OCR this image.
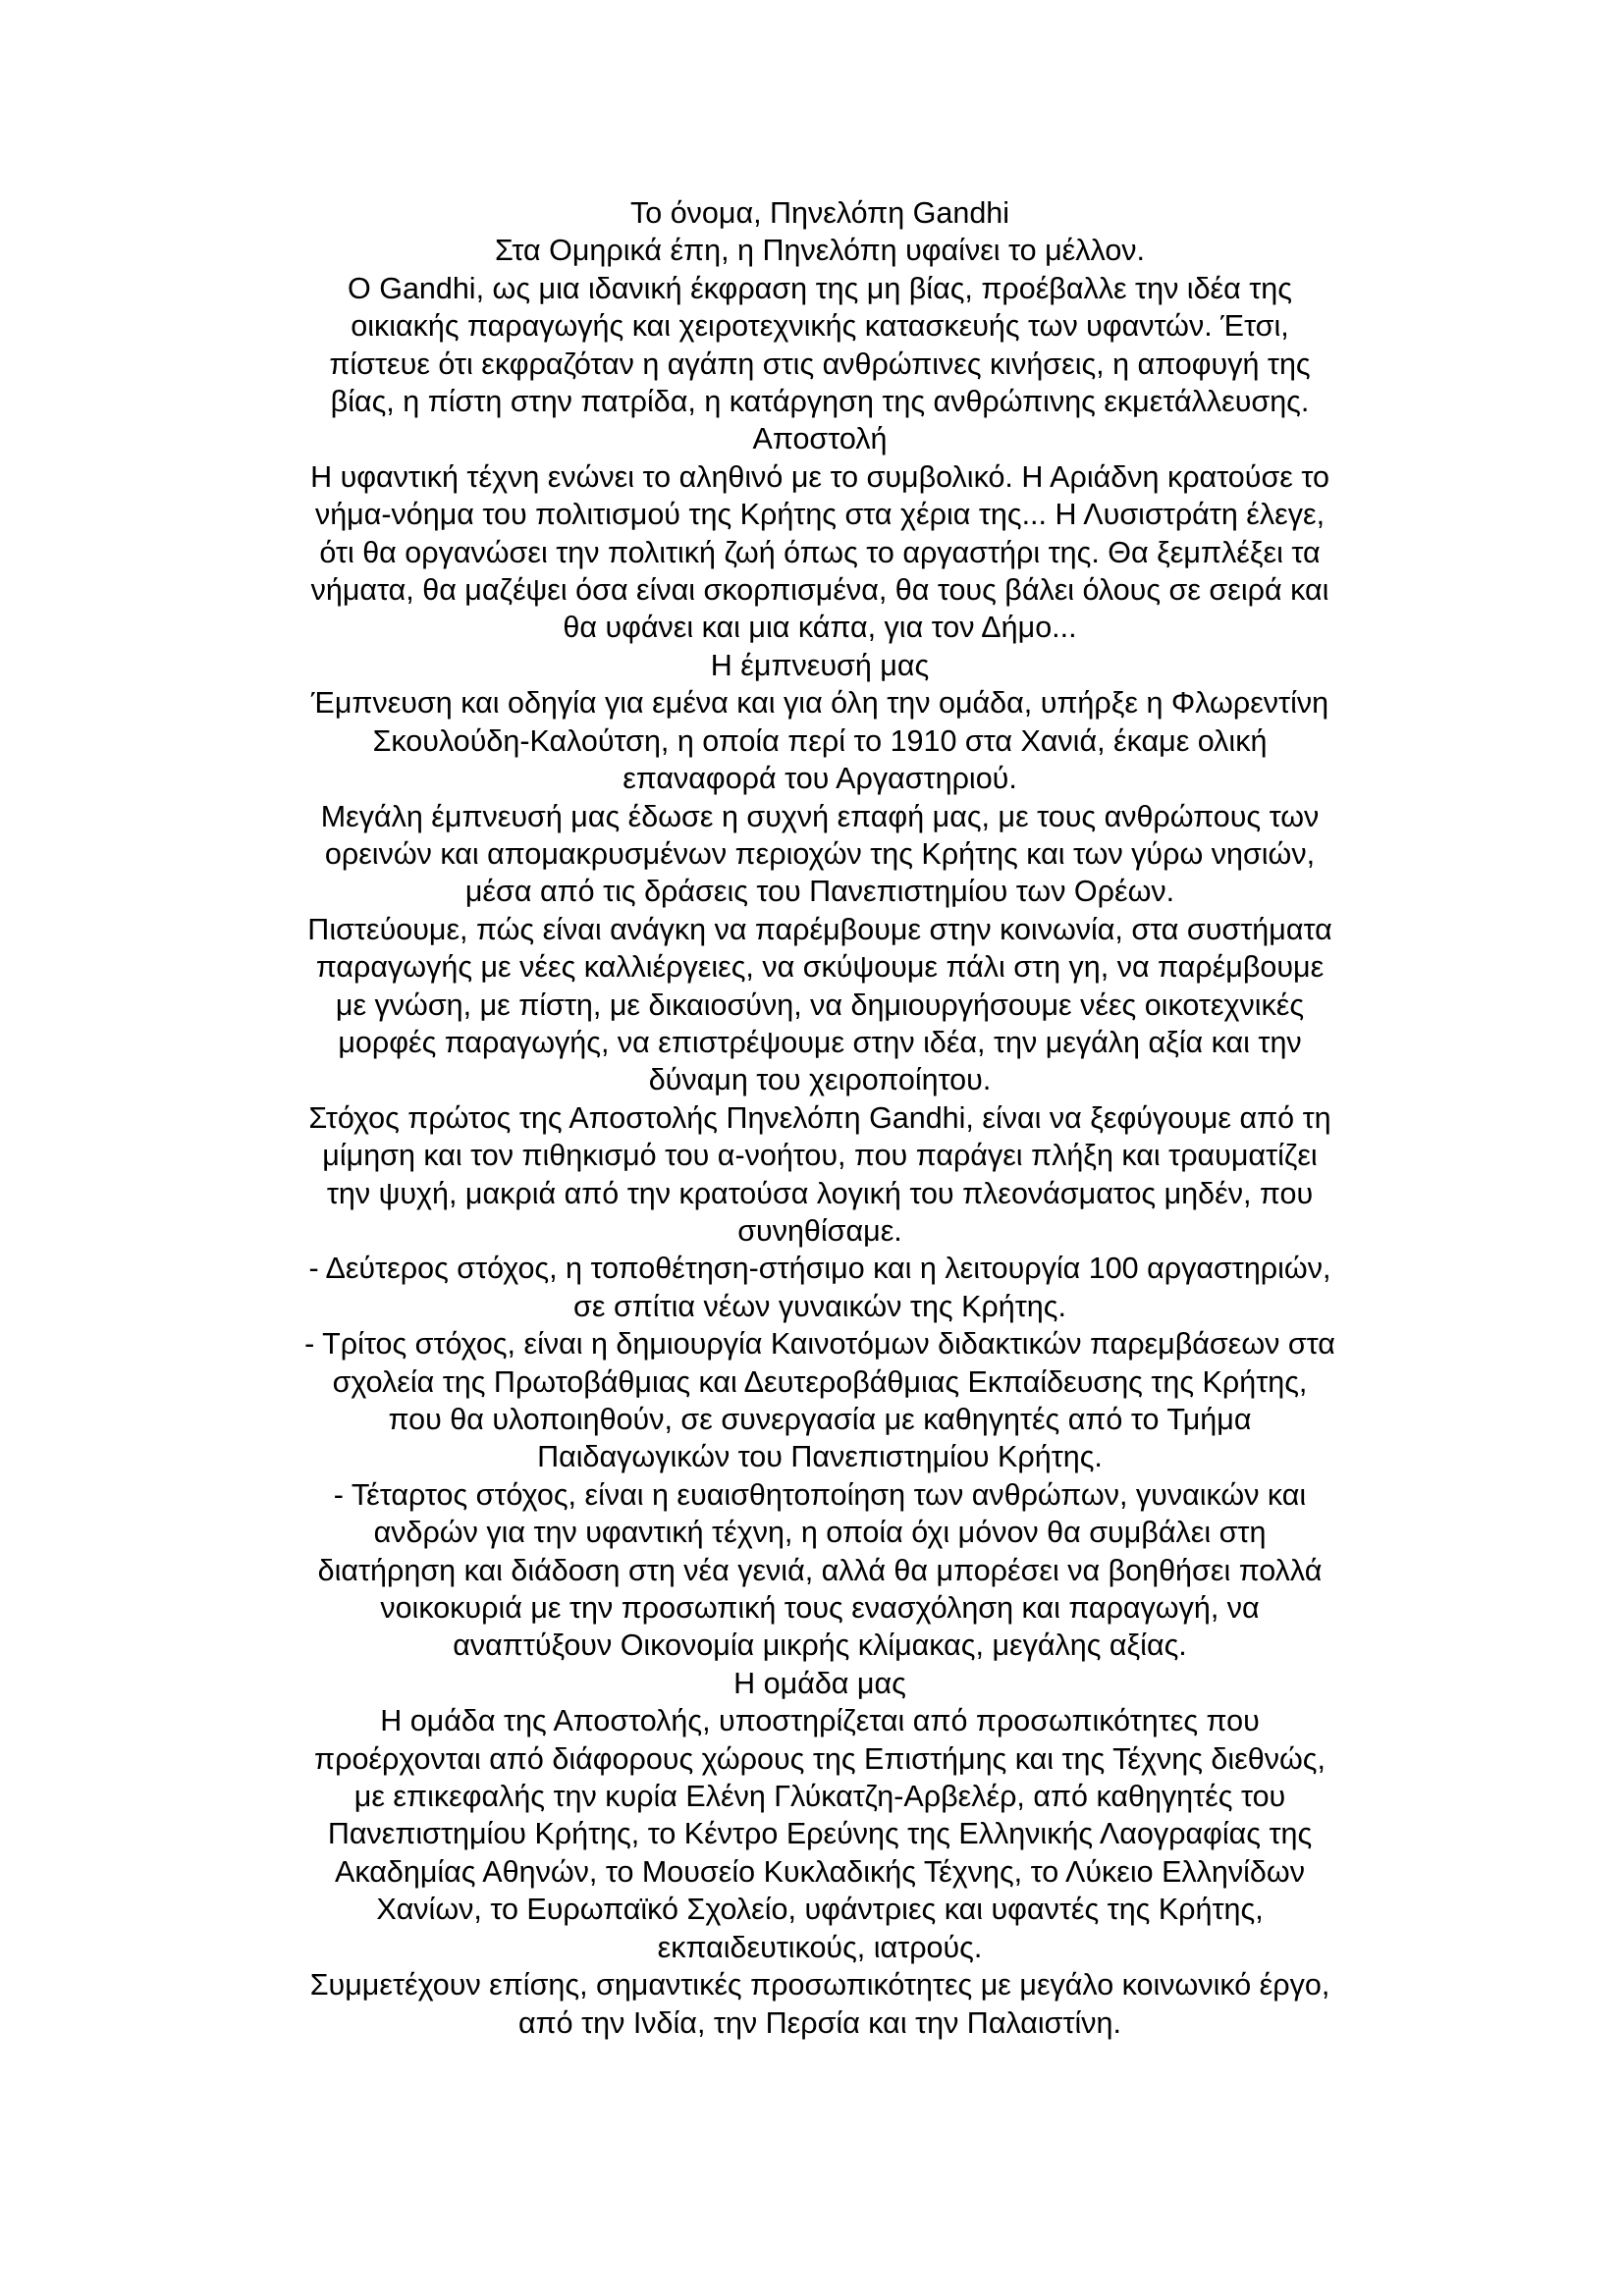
Το όνομα, Πηνελόπη Gandhi
Στα Ομηρικά έπη, η Πηνελόπη υφαίνει το μέλλον.
Ο Gandhi, ως μια ιδανική έκφραση της μη βίας, προέβαλλε την ιδέα της
οικιακής παραγωγής και χειροτεχνικής κατασκευής των υφαντών. Έτσι,
πίστευε ότι εκφραζόταν η αγάπη στις ανθρώπινες κινήσεις, η αποφυγή της
βίας, η πίστη στην πατρίδα, η κατάργηση της ανθρώπινης εκμετάλλευσης.
Αποστολή
Η υφαντική τέχνη ενώνει το αληθινό με το συμβολικό. Η Αριάδνη κρατούσε το
νήμα-νόημα του πολιτισμού της Κρήτης στα χέρια της... Η Λυσιστράτη έλεγε,
ότι θα οργανώσει την πολιτική ζωή όπως το αργαστήρι της. Θα ξεμπλέξει τα
νήματα, θα μαζέψει όσα είναι σκορπισμένα, θα τους βάλει όλους σε σειρά και
θα υφάνει και μια κάπα, για τον Δήμο...
Η έμπνευσή μας
Έμπνευση και οδηγία για εμένα και για όλη την ομάδα, υπήρξε η Φλωρεντίνη
Σκουλούδη-Καλούτση, η οποία περί το 1910 στα Χανιά, έκαμε ολική
επαναφορά του Αργαστηριού.
Μεγάλη έμπνευσή μας έδωσε η συχνή επαφή μας, με τους ανθρώπους των
ορεινών και απομακρυσμένων περιοχών της Κρήτης και των γύρω νησιών,
μέσα από τις δράσεις του Πανεπιστημίου των Ορέων.
Πιστεύουμε, πώς είναι ανάγκη να παρέμβουμε στην κοινωνία, στα συστήματα
παραγωγής με νέες καλλιέργειες, να σκύψουμε πάλι στη γη, να παρέμβουμε
με γνώση, με πίστη, με δικαιοσύνη, να δημιουργήσουμε νέες οικοτεχνικές
μορφές παραγωγής, να επιστρέψουμε στην ιδέα, την μεγάλη αξία και την
δύναμη του χειροποίητου.
Στόχος πρώτος της Αποστολής Πηνελόπη Gandhi, είναι να ξεφύγουμε από τη
μίμηση και τον πιθηκισμό του α-νοήτου, που παράγει πλήξη και τραυματίζει
την ψυχή, μακριά από την κρατούσα λογική του πλεονάσματος μηδέν, που
συνηθίσαμε.
- Δεύτερος στόχος, η τοποθέτηση-στήσιμο και η λειτουργία 100 αργαστηριών,
σε σπίτια νέων γυναικών της Κρήτης.
- Τρίτος στόχος, είναι η δημιουργία Καινοτόμων διδακτικών παρεμβάσεων στα
σχολεία της Πρωτοβάθμιας και Δευτεροβάθμιας Εκπαίδευσης της Κρήτης,
που θα υλοποιηθούν, σε συνεργασία με καθηγητές από το Τμήμα
Παιδαγωγικών του Πανεπιστημίου Κρήτης.
- Τέταρτος στόχος, είναι η ευαισθητοποίηση των ανθρώπων, γυναικών και
ανδρών για την υφαντική τέχνη, η οποία όχι μόνον θα συμβάλει στη
διατήρηση και διάδοση στη νέα γενιά, αλλά θα μπορέσει να βοηθήσει πολλά
νοικοκυριά με την προσωπική τους ενασχόληση και παραγωγή, να
αναπτύξουν Οικονομία μικρής κλίμακας, μεγάλης αξίας.
Η ομάδα μας
Η ομάδα της Αποστολής, υποστηρίζεται από προσωπικότητες που
προέρχονται από διάφορους χώρους της Επιστήμης και της Τέχνης διεθνώς,
με επικεφαλής την κυρία Ελένη Γλύκατζη-Αρβελέρ, από καθηγητές του
Πανεπιστημίου Κρήτης, το Κέντρο Ερεύνης της Ελληνικής Λαογραφίας της
Ακαδημίας Αθηνών, το Μουσείο Κυκλαδικής Τέχνης, το Λύκειο Ελληνίδων
Χανίων, το Ευρωπαϊκό Σχολείο, υφάντριες και υφαντές της Κρήτης,
εκπαιδευτικούς, ιατρούς.
Συμμετέχουν επίσης, σημαντικές προσωπικότητες με μεγάλο κοινωνικό έργο,
από την Ινδία, την Περσία και την Παλαιστίνη.
